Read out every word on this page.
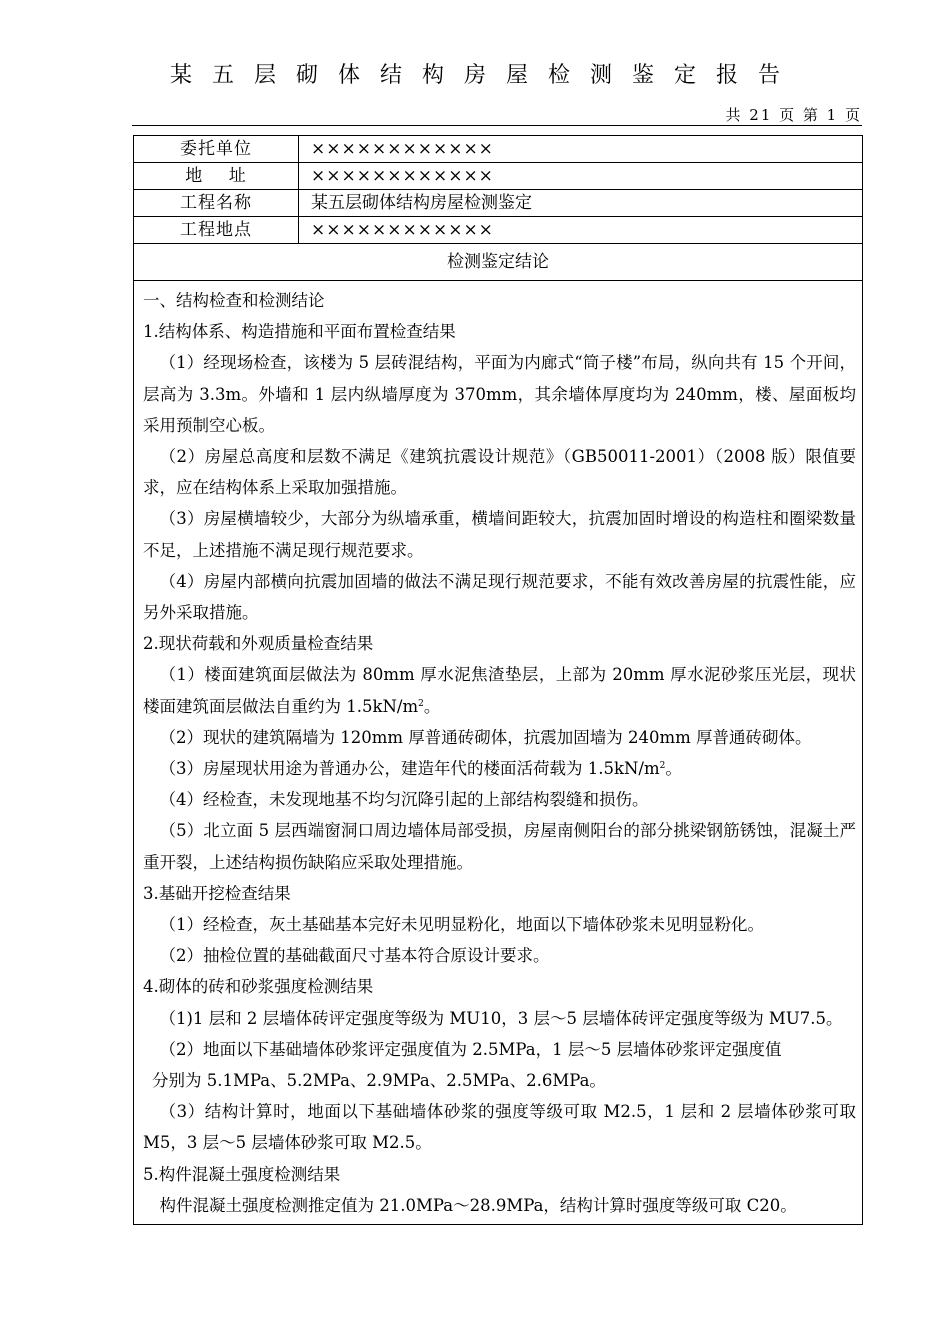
某五层砌体结构房屋检测鉴定报告
共 21 页 第 1 页
委托单位	××××××××××××
地    址	××××××××××××
工程名称	某五层砌体结构房屋检测鉴定
工程地点	××××××××××××
检测鉴定结论

一、结构检查和检测结论

1.结构体系、构造措施和平面布置检查结果

（1）经现场检查，该楼为 5 层砖混结构，平面为内廊式“筒子楼”布局，纵向共有 15 个开间，层高为 3.3m。外墙和 1 层内纵墙厚度为 370mm，其余墙体厚度均为 240mm，楼、屋面板均采用预制空心板。

（2）房屋总高度和层数不满足《建筑抗震设计规范》（GB50011-2001）（2008 版）限值要求，应在结构体系上采取加强措施。

（3）房屋横墙较少，大部分为纵墙承重，横墙间距较大，抗震加固时增设的构造柱和圈梁数量不足，上述措施不满足现行规范要求。

（4）房屋内部横向抗震加固墙的做法不满足现行规范要求，不能有效改善房屋的抗震性能，应另外采取措施。

2.现状荷载和外观质量检查结果

（1）楼面建筑面层做法为 80mm 厚水泥焦渣垫层，上部为 20mm 厚水泥砂浆压光层，现状楼面建筑面层做法自重约为 $1.5kN/m^2$。

（2）现状的建筑隔墙为 120mm 厚普通砖砌体，抗震加固墙为 240mm 厚普通砖砌体。

（3）房屋现状用途为普通办公，建造年代的楼面活荷载为 $1.5kN/m^2$。

（4）经检查，未发现地基不均匀沉降引起的上部结构裂缝和损伤。

（5）北立面 5 层西端窗洞口周边墙体局部受损，房屋南侧阳台的部分挑梁钢筋锈蚀，混凝土严重开裂，上述结构损伤缺陷应采取处理措施。

3.基础开挖检查结果

（1）经检查，灰土基础基本完好未见明显粉化，地面以下墙体砂浆未见明显粉化。

（2）抽检位置的基础截面尺寸基本符合原设计要求。

4.砌体的砖和砂浆强度检测结果

（1)1 层和 2 层墙体砖评定强度等级为 MU10，3 层～5 层墙体砖评定强度等级为 MU7.5。

（2）地面以下基础墙体砂浆评定强度值为 2.5MPa，1 层～5 层墙体砂浆评定强度值

分别为 5.1MPa、5.2MPa、2.9MPa、2.5MPa、2.6MPa。

（3）结构计算时，地面以下基础墙体砂浆的强度等级可取 M2.5，1 层和 2 层墙体砂浆可取 M5，3 层～5 层墙体砂浆可取 M2.5。

5.构件混凝土强度检测结果

构件混凝土强度检测推定值为 21.0MPa～28.9MPa，结构计算时强度等级可取 C20。
